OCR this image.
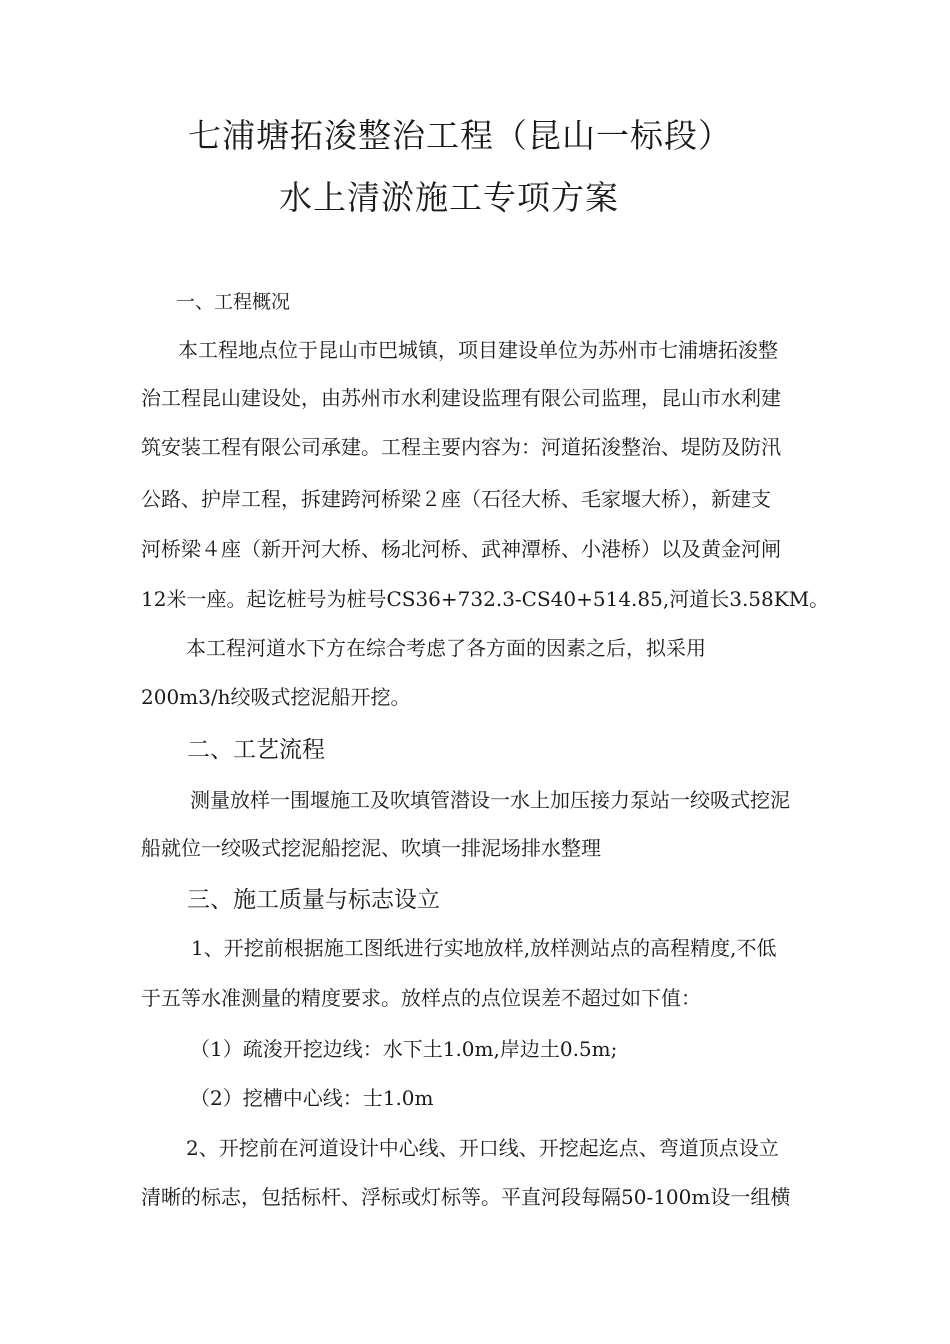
七浦塘拓浚整治工程（昆山一标段）
水上清淤施工专项方案
一、工程概况
本工程地点位于昆山市巴城镇，项目建设单位为苏州市七浦塘拓浚整
治工程昆山建设处，由苏州市水利建设监理有限公司监理，昆山市水利建
筑安装工程有限公司承建。工程主要内容为：河道拓浚整治、堤防及防汛
公路、护岸工程，拆建跨河桥梁２座（石径大桥、毛家堰大桥），新建支
河桥梁４座（新开河大桥、杨北河桥、武神潭桥、小港桥）以及黄金河闸
12米一座。起讫桩号为桩号CS36+732.3-CS40+514.85,河道长3.58KM。
本工程河道水下方在综合考虑了各方面的因素之后，拟采用
200m3/h绞吸式挖泥船开挖。
二、工艺流程
测量放样一围堰施工及吹填管潜设一水上加压接力泵站一绞吸式挖泥
船就位一绞吸式挖泥船挖泥、吹填一排泥场排水整理
三、施工质量与标志设立
1、开挖前根据施工图纸进行实地放样,放样测站点的高程精度,不低
于五等水准测量的精度要求。放样点的点位误差不超过如下值：
（1）疏浚开挖边线：水下土1.0m,岸边土0.5m;
（2）挖槽中心线：士1.0m
2、开挖前在河道设计中心线、开口线、开挖起迄点、弯道顶点设立
清晰的标志，包括标杆、浮标或灯标等。平直河段每隔50-100m设一组横
